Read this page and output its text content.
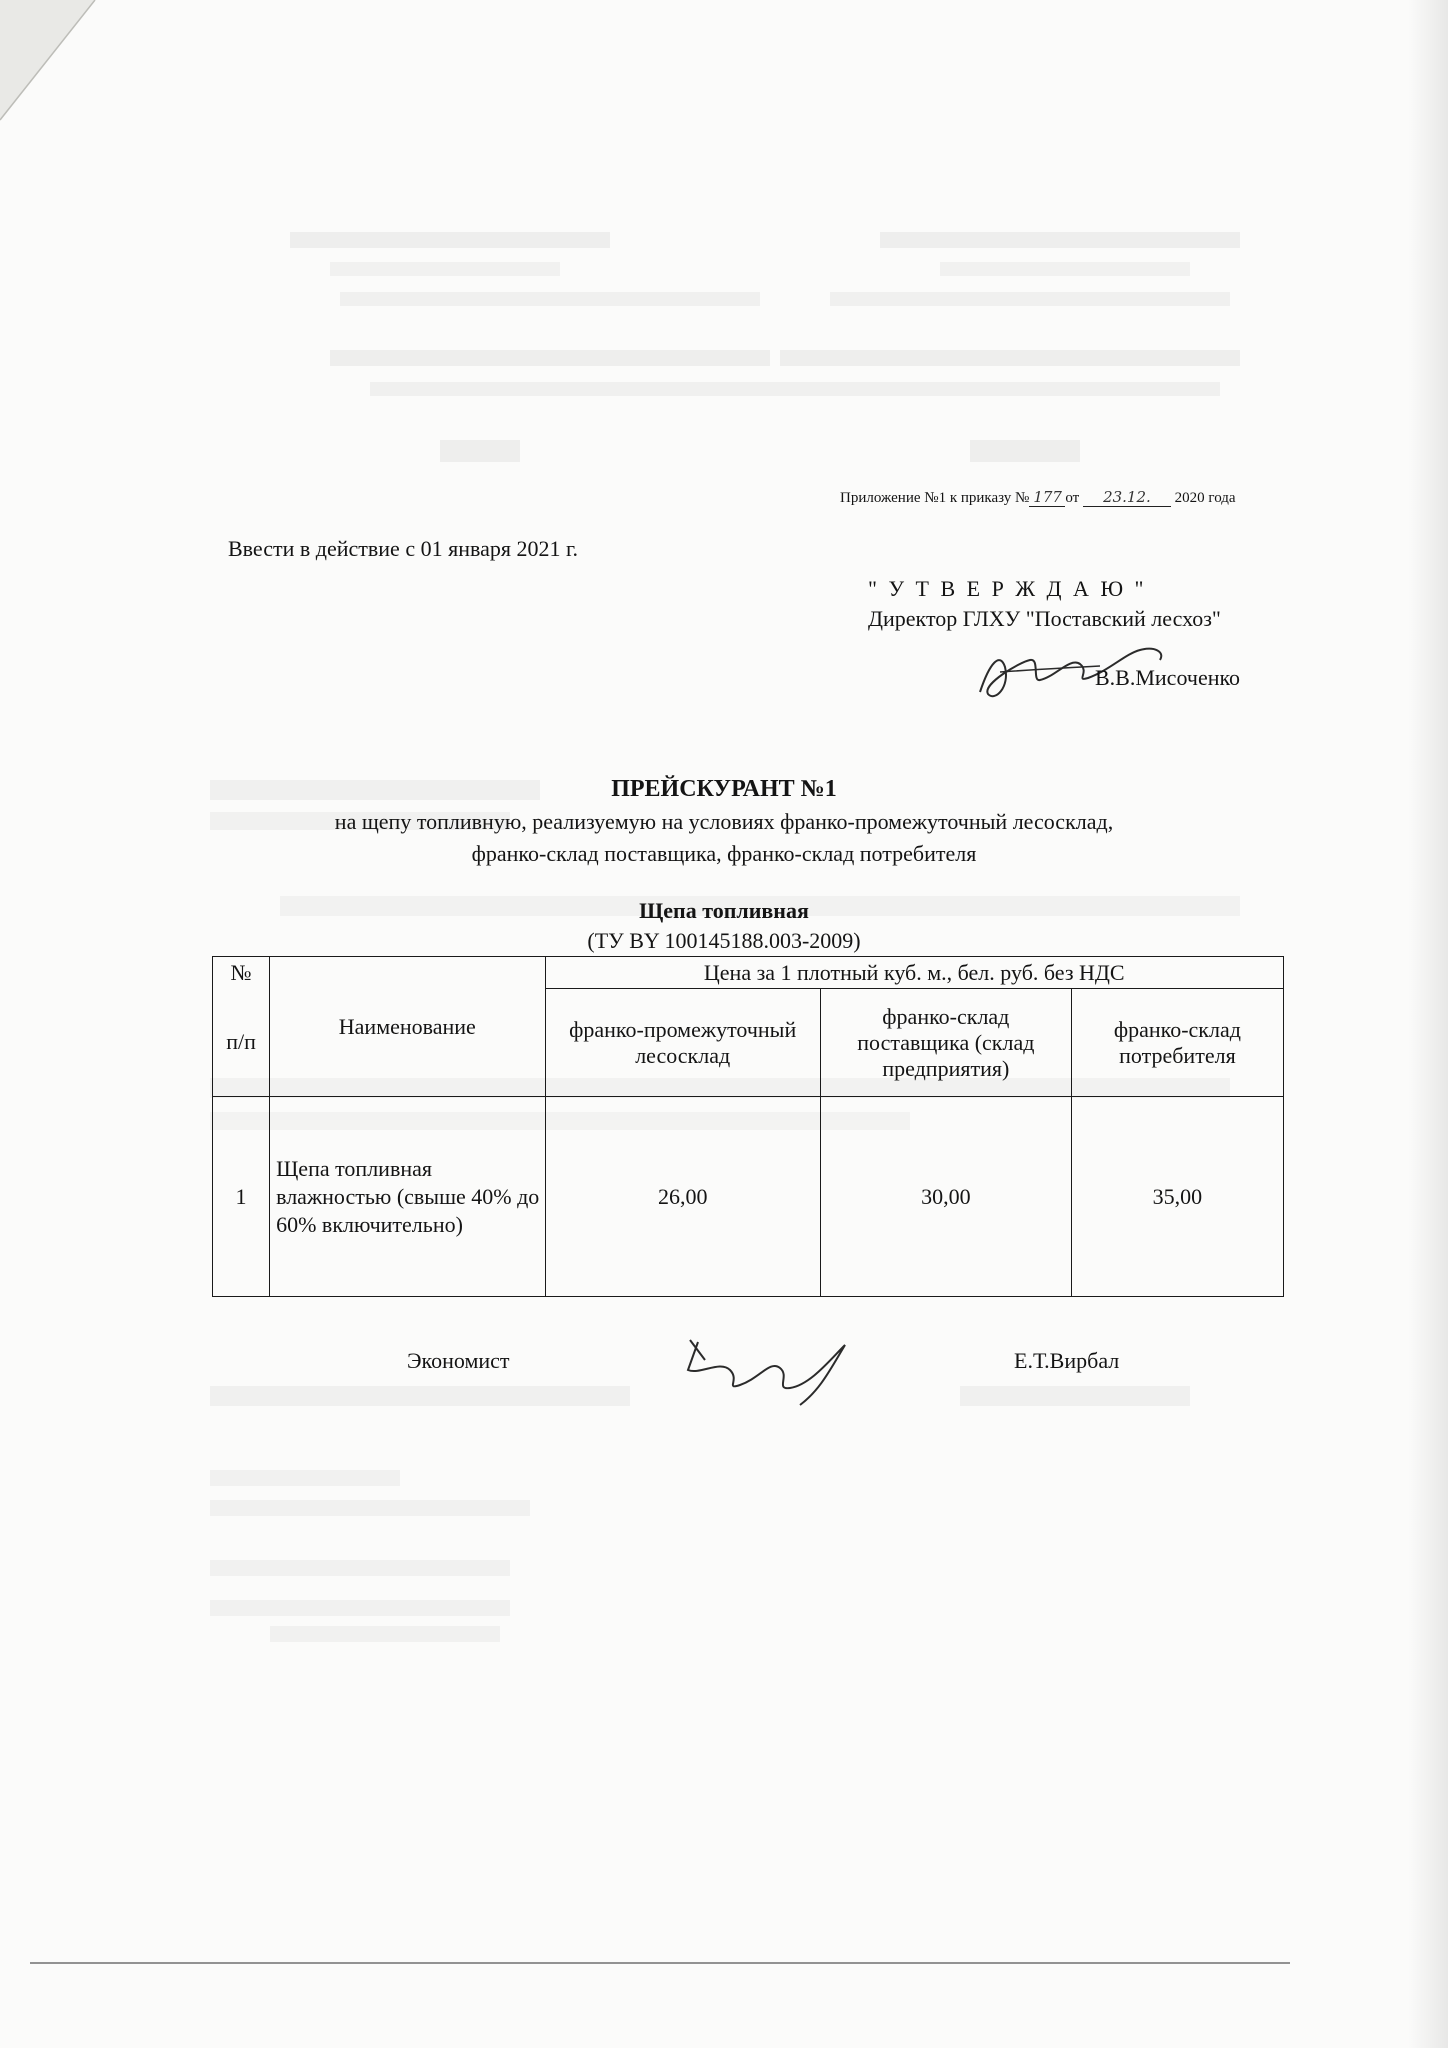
Приложение №1 к приказу № 177 от 23.12. 2020 года
Ввести в действие с 01 января 2021 г.
" У Т В Е Р Ж Д А Ю "
Директор ГЛХУ "Поставский лесхоз"
В.В.Мисоченко
ПРЕЙСКУРАНТ №1
на щепу топливную, реализуемую на условиях франко-промежуточный лесосклад,
франко-склад поставщика, франко-склад потребителя
Щепа топливная
(ТУ BY 100145188.003-2009)
№	Наименование	Цена за 1 плотный куб. м., бел. руб. без НДС		
п/п		франко-промежуточный лесосклад	франко-склад поставщика (склад предприятия)	франко-склад потребителя
1	Щепа топливная влажностью (свыше 40% до 60% включительно)	26,00	30,00	35,00
Экономист	Е.Т.Вирбал
